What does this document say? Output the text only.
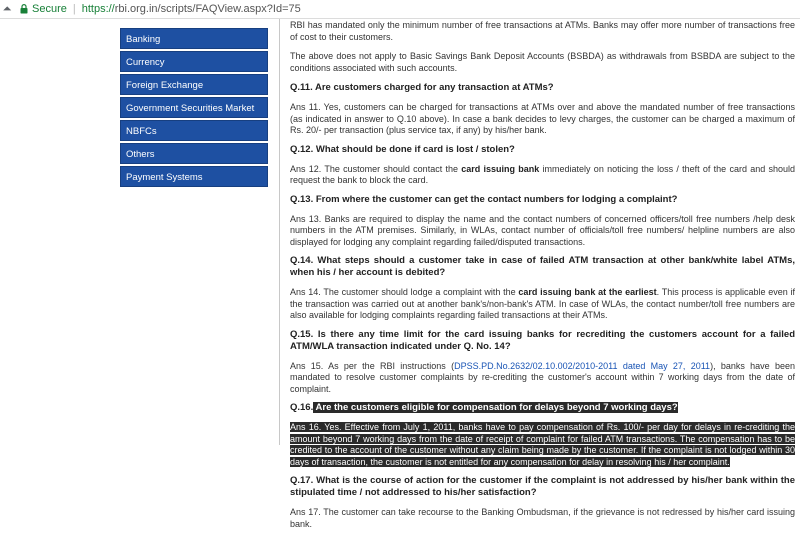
⏶ Secure | https://rbi.org.in/scripts/FAQView.aspx?Id=75
Banking
Currency
Foreign Exchange
Government Securities Market
NBFCs
Others
Payment Systems

RBI has mandated only the minimum number of free transactions at ATMs. Banks may offer more number of transactions free of cost to their customers.

The above does not apply to Basic Savings Bank Deposit Accounts (BSBDA) as withdrawals from BSBDA are subject to the conditions associated with such accounts.

Q.11. Are customers charged for any transaction at ATMs?

Ans 11. Yes, customers can be charged for transactions at ATMs over and above the mandated number of free transactions (as indicated in answer to Q.10 above). In case a bank decides to levy charges, the customer can be charged a maximum of Rs. 20/- per transaction (plus service tax, if any) by his/her bank.

Q.12. What should be done if card is lost / stolen?

Ans 12. The customer should contact the card issuing bank immediately on noticing the loss / theft of the card and should request the bank to block the card.

Q.13. From where the customer can get the contact numbers for lodging a complaint?

Ans 13. Banks are required to display the name and the contact numbers of concerned officers/toll free numbers /help desk numbers in the ATM premises. Similarly, in WLAs, contact number of officials/toll free numbers/ helpline numbers are also displayed for lodging any complaint regarding failed/disputed transactions.

Q.14. What steps should a customer take in case of failed ATM transaction at other bank/white label ATMs, when his / her account is debited?

Ans 14. The customer should lodge a complaint with the card issuing bank at the earliest. This process is applicable even if the transaction was carried out at another bank's/non-bank's ATM. In case of WLAs, the contact number/toll free numbers are also available for lodging complaints regarding failed transactions at their ATMs.

Q.15. Is there any time limit for the card issuing banks for recrediting the customers account for a failed ATM/WLA transaction indicated under Q. No. 14?

Ans 15. As per the RBI instructions (DPSS.PD.No.2632/02.10.002/2010-2011 dated May 27, 2011), banks have been mandated to resolve customer complaints by re-crediting the customer's account within 7 working days from the date of complaint.

Q.16. Are the customers eligible for compensation for delays beyond 7 working days?

Ans 16. Yes. Effective from July 1, 2011, banks have to pay compensation of Rs. 100/- per day for delays in re-crediting the amount beyond 7 working days from the date of receipt of complaint for failed ATM transactions. The compensation has to be credited to the account of the customer without any claim being made by the customer. If the complaint is not lodged within 30 days of transaction, the customer is not entitled for any compensation for delay in resolving his / her complaint.

Q.17. What is the course of action for the customer if the complaint is not addressed by his/her bank within the stipulated time / not addressed to his/her satisfaction?

Ans 17. The customer can take recourse to the Banking Ombudsman, if the grievance is not redressed by his/her card issuing bank.
